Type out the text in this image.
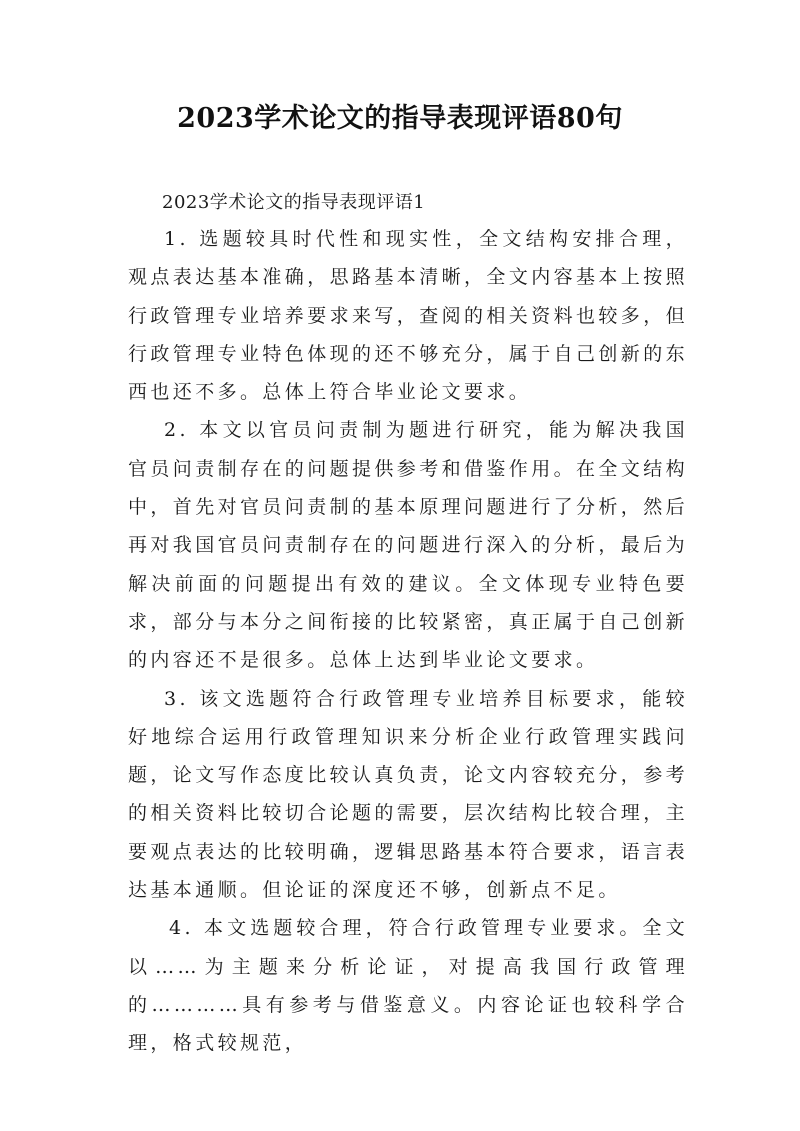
2023学术论文的指导表现评语80句

2023学术论文的指导表现评语1

1. 选题较具时代性和现实性，全文结构安排合理，观点表达基本准确，思路基本清晰，全文内容基本上按照行政管理专业培养要求来写，查阅的相关资料也较多，但行政管理专业特色体现的还不够充分，属于自己创新的东西也还不多。总体上符合毕业论文要求。

2. 本文以官员问责制为题进行研究，能为解决我国官员问责制存在的问题提供参考和借鉴作用。在全文结构中，首先对官员问责制的基本原理问题进行了分析，然后再对我国官员问责制存在的问题进行深入的分析，最后为解决前面的问题提出有效的建议。全文体现专业特色要求，部分与本分之间衔接的比较紧密，真正属于自己创新的内容还不是很多。总体上达到毕业论文要求。

3. 该文选题符合行政管理专业培养目标要求，能较好地综合运用行政管理知识来分析企业行政管理实践问题，论文写作态度比较认真负责，论文内容较充分，参考的相关资料比较切合论题的需要，层次结构比较合理，主要观点表达的比较明确，逻辑思路基本符合要求，语言表达基本通顺。但论证的深度还不够，创新点不足。

4. 本文选题较合理，符合行政管理专业要求。全文以……为主题来分析论证，对提高我国行政管理的…………具有参考与借鉴意义。内容论证也较科学合理，格式较规范，
